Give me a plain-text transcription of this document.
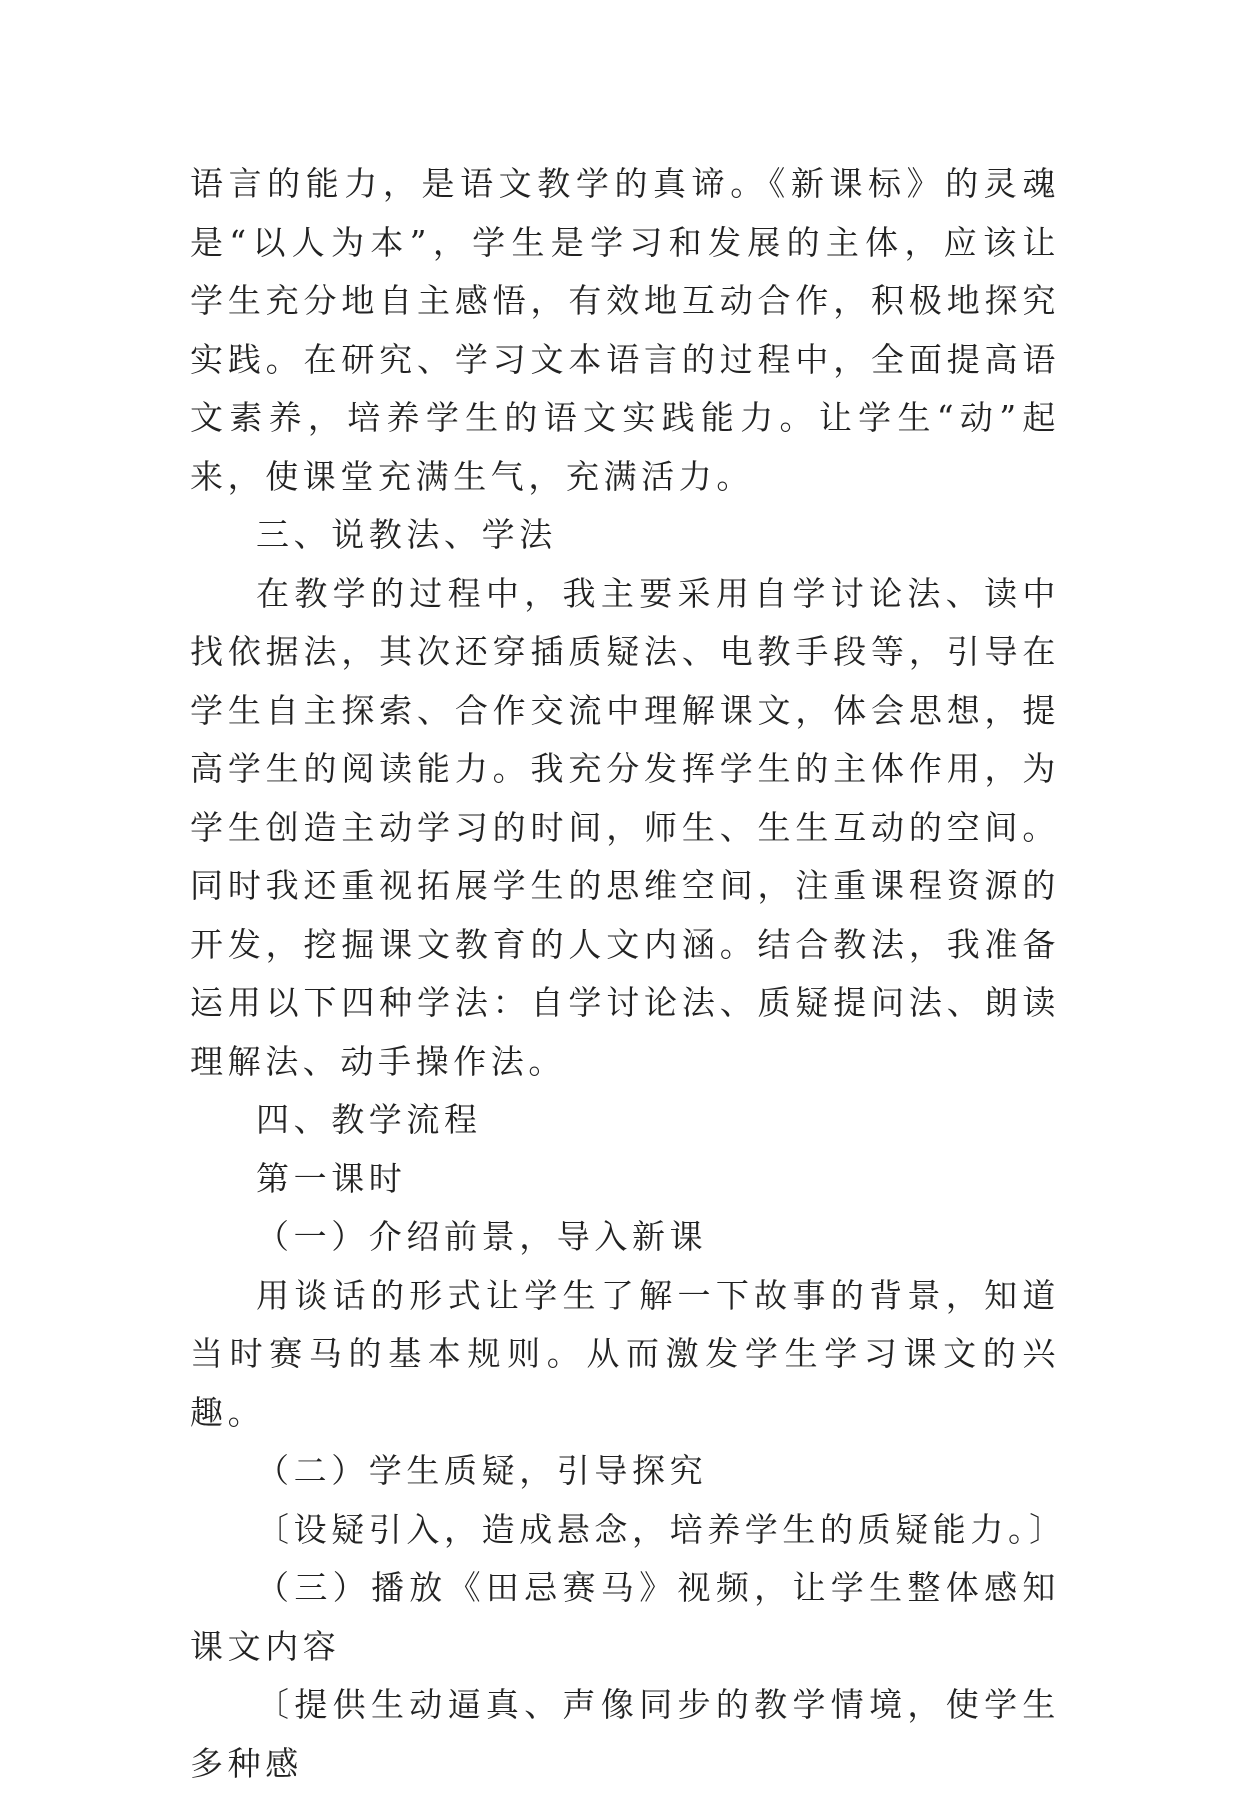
语言的能力，是语文教学的真谛。《新课标》的灵魂是“以人为本”，学生是学习和发展的主体，应该让学生充分地自主感悟，有效地互动合作，积极地探究实践。在研究、学习文本语言的过程中，全面提高语文素养，培养学生的语文实践能力。让学生“动”起来，使课堂充满生气，充满活力。

三、说教法、学法

在教学的过程中，我主要采用自学讨论法、读中找依据法，其次还穿插质疑法、电教手段等，引导在学生自主探索、合作交流中理解课文，体会思想，提高学生的阅读能力。我充分发挥学生的主体作用，为学生创造主动学习的时间，师生、生生互动的空间。同时我还重视拓展学生的思维空间，注重课程资源的开发，挖掘课文教育的人文内涵。结合教法，我准备运用以下四种学法：自学讨论法、质疑提问法、朗读理解法、动手操作法。

四、教学流程

第一课时

（一）介绍前景，导入新课

用谈话的形式让学生了解一下故事的背景，知道当时赛马的基本规则。从而激发学生学习课文的兴趣。

（二）学生质疑，引导探究

〔设疑引入，造成悬念，培养学生的质疑能力。〕

（三）播放《田忌赛马》视频，让学生整体感知课文内容

〔提供生动逼真、声像同步的教学情境，使学生多种感
